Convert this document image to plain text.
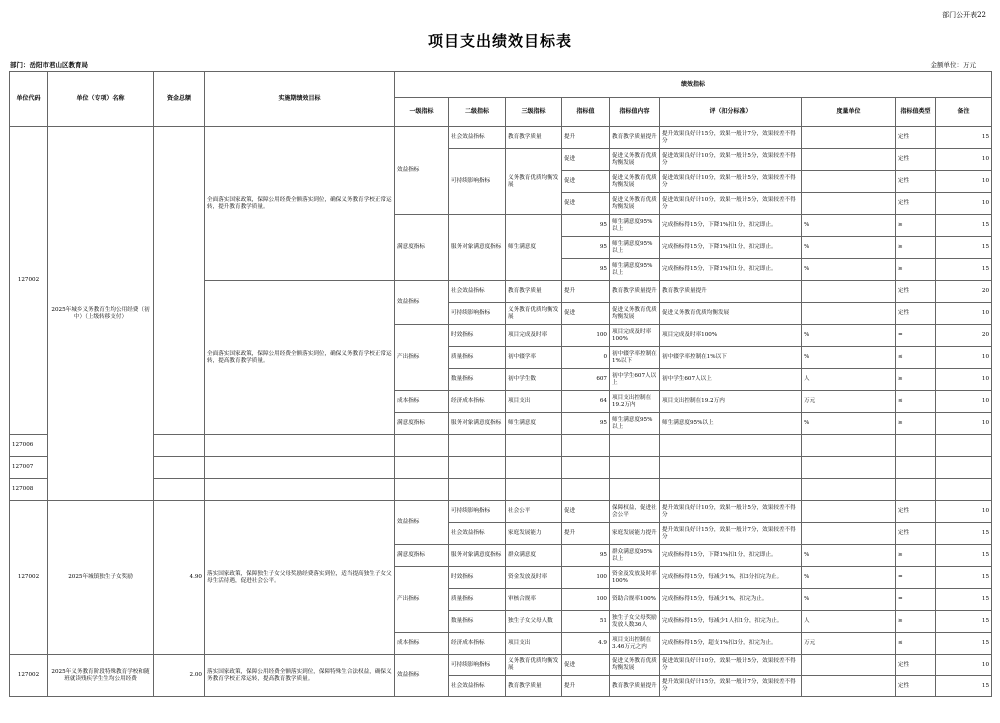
部门公开表22
项目支出绩效目标表
部门：岳阳市君山区教育局	金额单位：万元
单位代码	单位（专项）名称	资金总额	实施期绩效目标	绩效指标								
				一级指标	二级指标	三级指标	指标值	指标值内容	评（扣分标准）	度量单位	指标值类型	备注
127002	2025年城乡义务教育生均公用经费（初中）（上级转移支付）		全面落实国家政策，保障公用经费全额落实到位，确保义务教育学校正常运转，提升教育教学质量。	效益指标	社会效益指标	教育教学质量	提升	教育教学质量提升	提升效果良好计15分，效果一般计7分，效果较差不得分		定性	15
					可持续影响指标	义务教育优质均衡发展	促进	促进义务教育优质均衡发展	促进效果良好计10分，效果一般计5分，效果较差不得分		定性	10
							促进	促进义务教育优质均衡发展	促进效果良好计10分，效果一般计5分，效果较差不得分		定性	10
							促进	促进义务教育优质均衡发展	促进效果良好计10分，效果一般计5分，效果较差不得分		定性	10
				满意度指标	服务对象满意度指标	师生满意度	95	师生满意度95%以上	完成指标得15分，下降1%扣1分，扣完即止。	%	≥	15
							95	师生满意度95%以上	完成指标得15分，下降1%扣1分，扣完即止。	%	≥	15
							95	师生满意度95%以上	完成指标得15分，下降1%扣1分，扣完即止。	%	≥	15
			全面落实国家政策，保障公用经费全额落实到位，确保义务教育学校正常运转，提高教育教学质量。	效益指标	社会效益指标	教育教学质量	提升	教育教学质量提升	教育教学质量提升		定性	20
					可持续影响指标	义务教育优质均衡发展	促进	促进义务教育优质均衡发展	促进义务教育优质均衡发展		定性	10
				产出指标	时效指标	项目完成及时率	100	项目完成及时率100%	项目完成及时率100%	%	=	20
					质量指标	初中辍学率	0	初中辍学率控制在1%以下	初中辍学率控制在1%以下	%	≤	10
					数量指标	初中学生数	607	初中学生607人以上	初中学生607人以上	人	≥	10
				成本指标	经济成本指标	项目支出	64	项目支出控制在19.2万内	项目支出控制在19.2万内	万元	≤	10
				满意度指标	服务对象满意度指标	师生满意度	95	师生满意度95%以上	师生满意度95%以上	%	≥	10
127006												
127007												
127008												
127002	2025年城镇独生子女奖励	4.90	落实国家政策，保障独生子女父母奖励经费落实到位，适当提高独生子女父母生活待遇，促进社会公平。	效益指标	可持续影响指标	社会公平	促进	保障权益，促进社会公平	提升效果良好计10分，效果一般计5分，效果较差不得分		定性	10
					社会效益指标	家庭发展能力	提升	家庭发展能力提升	提升效果良好计15分，效果一般计7分，效果较差不得分		定性	15
				满意度指标	服务对象满意度指标	群众满意度	95	群众满意度95%以上	完成指标得15分，下降1%扣1分，扣完即止。	%	≥	15
				产出指标	时效指标	资金发放及时率	100	资金及发放及时率100%	完成指标得15分，每减少1%，扣3分扣完为止。	%	=	15
					质量指标	审核合规率	100	资助合规率100%	完成指标得15分，每减少1%，扣完为止。	%	=	15
					数量指标	独生子女父母人数	51	独生子女父母奖励发放人数36人	完成指标得15分，每减少1人扣1分，扣完为止。	人	≥	15
				成本指标	经济成本指标	项目支出	4.9	项目支出控制在3.46万元之内	完成指标得15分，超支1%扣3分，扣完为止。	万元	≤	15
127002	2025年义务教育阶段特殊教育学校和随班就读残疾学生生均公用经费	2.00	落实国家政策，保障公用经费全额落实到位，保障特殊生合法权益，确保义务教育学校正常运转，提高教育教学质量。	效益指标	可持续影响指标	义务教育优质均衡发展	促进	促进义务教育优质均衡发展	促进效果良好计10分，效果一般计5分，效果较差不得分		定性	10
					社会效益指标	教育教学质量	提升	教育教学质量提升	提升效果良好计15分，效果一般计7分，效果较差不得分		定性	15
